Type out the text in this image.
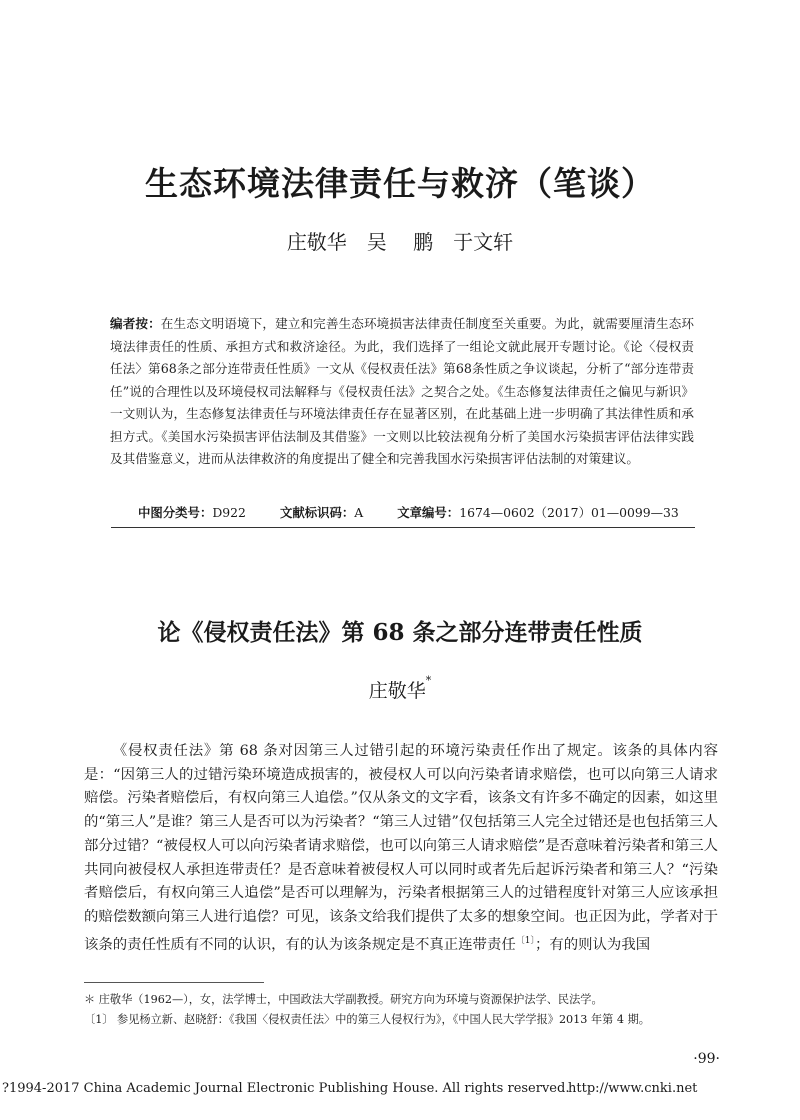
生态环境法律责任与救济（笔谈）
庄敬华　吴 鹏　于文轩
编者按：在生态文明语境下，建立和完善生态环境损害法律责任制度至关重要。为此，就需要厘清生态环境法律责任的性质、承担方式和救济途径。为此，我们选择了一组论文就此展开专题讨论。《论〈侵权责任法〉第68条之部分连带责任性质》一文从《侵权责任法》第68条性质之争议谈起，分析了“部分连带责任”说的合理性以及环境侵权司法解释与《侵权责任法》之契合之处。《生态修复法律责任之偏见与新识》一文则认为，生态修复法律责任与环境法律责任存在显著区别，在此基础上进一步明确了其法律性质和承担方式。《美国水污染损害评估法制及其借鉴》一文则以比较法视角分析了美国水污染损害评估法律实践及其借鉴意义，进而从法律救济的角度提出了健全和完善我国水污染损害评估法制的对策建议。
中图分类号：D922	文献标识码：A	文章编号：1674—0602（2017）01—0099—33
论《侵权责任法》第 68 条之部分连带责任性质
庄敬华*

《侵权责任法》第 68 条对因第三人过错引起的环境污染责任作出了规定。该条的具体内容是：“因第三人的过错污染环境造成损害的，被侵权人可以向污染者请求赔偿，也可以向第三人请求赔偿。污染者赔偿后，有权向第三人追偿。”仅从条文的文字看，该条文有许多不确定的因素，如这里的“第三人”是谁？第三人是否可以为污染者？“第三人过错”仅包括第三人完全过错还是也包括第三人部分过错？“被侵权人可以向污染者请求赔偿，也可以向第三人请求赔偿”是否意味着污染者和第三人共同向被侵权人承担连带责任？是否意味着被侵权人可以同时或者先后起诉污染者和第三人？“污染者赔偿后，有权向第三人追偿”是否可以理解为，污染者根据第三人的过错程度针对第三人应该承担的赔偿数额向第三人进行追偿？可见，该条文给我们提供了太多的想象空间。也正因为此，学者对于该条的责任性质有不同的认识，有的认为该条规定是不真正连带责任$^{〔1〕}$；有的则认为我国

＊ 庄敬华（1962—），女，法学博士，中国政法大学副教授。研究方向为环境与资源保护法学、民法学。
〔1〕 参见杨立新、赵晓舒：《我国〈侵权责任法〉中的第三人侵权行为》，《中国人民大学学报》2013 年第 4 期。
·99·
?1994-2017 China Academic Journal Electronic Publishing House. All rights reserved.
http://www.cnki.net
